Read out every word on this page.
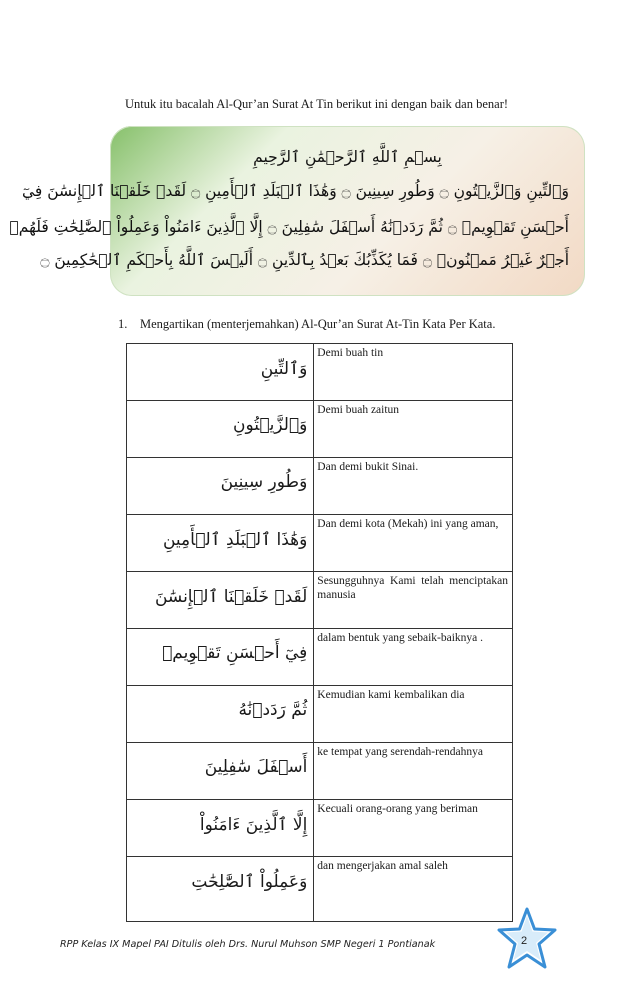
Untuk itu bacalah Al-Qur’an Surat At Tin berikut ini dengan baik dan benar!
بِسۡمِ ٱللَّهِ ٱلرَّحۡمَٰنِ ٱلرَّحِيمِ
وَٱلتِّينِ وَٱلزَّيۡتُونِ ۝ وَطُورِ سِينِينَ ۝ وَهَٰذَا ٱلۡبَلَدِ ٱلۡأَمِينِ ۝ لَقَدۡ خَلَقۡنَا ٱلۡإِنسَٰنَ فِيٓ
أَحۡسَنِ تَقۡوِيمٖ ۝ ثُمَّ رَدَدۡنَٰهُ أَسۡفَلَ سَٰفِلِينَ ۝ إِلَّا ٱلَّذِينَ ءَامَنُواْ وَعَمِلُواْ ٱلصَّٰلِحَٰتِ فَلَهُمۡ
أَجۡرٌ غَيۡرُ مَمۡنُونٖ ۝ فَمَا يُكَذِّبُكَ بَعۡدُ بِٱلدِّينِ ۝ أَلَيۡسَ ٱللَّهُ بِأَحۡكَمِ ٱلۡحَٰكِمِينَ ۝
1. Mengartikan (menterjemahkan) Al-Qur’an Surat At-Tin Kata Per Kata.
وَٱلتِّينِ	Demi buah tin
وَٱلزَّيۡتُونِ	Demi buah zaitun
وَطُورِ سِينِينَ	Dan demi bukit Sinai.
وَهَٰذَا ٱلۡبَلَدِ ٱلۡأَمِينِ	Dan demi kota (Mekah) ini yang aman,
لَقَدۡ خَلَقۡنَا ٱلۡإِنسَٰنَ	Sesungguhnya Kami telah menciptakan manusia
فِيٓ أَحۡسَنِ تَقۡوِيمٖ	dalam bentuk yang sebaik-baiknya .
ثُمَّ رَدَدۡنَٰهُ	Kemudian kami kembalikan dia
أَسۡفَلَ سَٰفِلِينَ	ke tempat yang serendah-rendahnya
إِلَّا ٱلَّذِينَ ءَامَنُواْ	Kecuali orang-orang yang beriman
وَعَمِلُواْ ٱلصَّٰلِحَٰتِ	dan mengerjakan amal saleh
RPP Kelas IX Mapel PAI Ditulis oleh Drs. Nurul Muhson SMP Negeri 1 Pontianak	2
